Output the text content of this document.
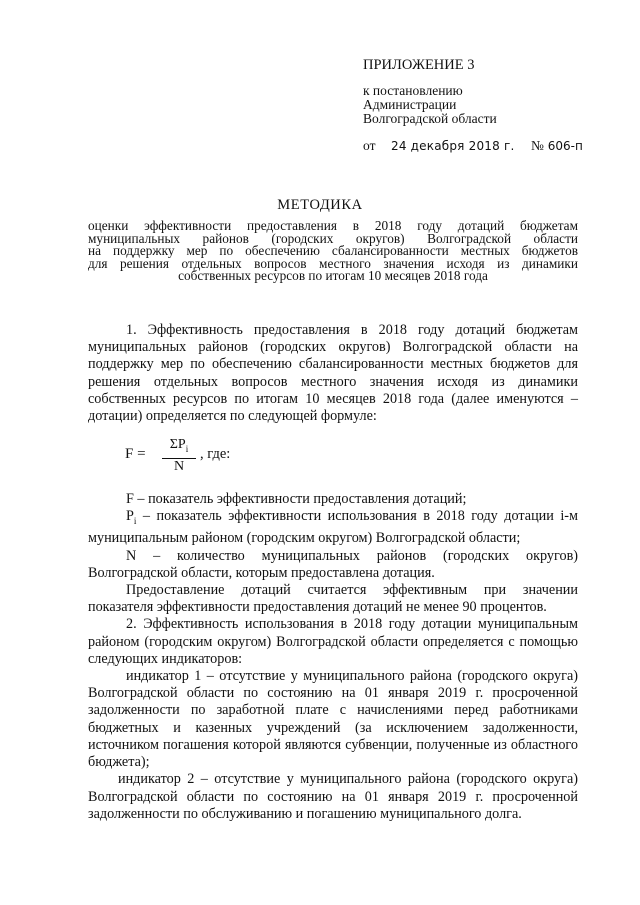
ПРИЛОЖЕНИЕ 3
к постановлению
Администрации
Волгоградской области
от 24 декабря 2018 г. № 606-п
МЕТОДИКА
оценки эффективности предоставления в 2018 году дотаций бюджетам
муниципальных районов (городских округов) Волгоградской области
на поддержку мер по обеспечению сбалансированности местных бюджетов
для решения отдельных вопросов местного значения исходя из динамики
собственных ресурсов по итогам 10 месяцев 2018 года

1. Эффективность предоставления в 2018 году дотаций бюджетам муниципальных районов (городских округов) Волгоградской области на поддержку мер по обеспечению сбалансированности местных бюджетов для решения отдельных вопросов местного значения исходя из динамики собственных ресурсов по итогам 10 месяцев 2018 года (далее именуются – дотации) определяется по следующей формуле:

F =
$\Sigma P_i$
N
, где:

F – показатель эффективности предоставления дотаций;

$P_i$ – показатель эффективности использования в 2018 году дотации i-м муниципальным районом (городским округом) Волгоградской области;

N – количество муниципальных районов (городских округов) Волгоградской области, которым предоставлена дотация.

Предоставление дотаций считается эффективным при значении показателя эффективности предоставления дотаций не менее 90 процентов.

2. Эффективность использования в 2018 году дотации муниципальным районом (городским округом) Волгоградской области определяется с помощью следующих индикаторов:

индикатор 1 – отсутствие у муниципального района (городского округа) Волгоградской области по состоянию на 01 января 2019 г. просроченной задолженности по заработной плате с начислениями перед работниками бюджетных и казенных учреждений (за исключением задолженности, источником погашения которой являются субвенции, полученные из областного бюджета);

индикатор 2 – отсутствие у муниципального района (городского округа) Волгоградской области по состоянию на 01 января 2019 г. просроченной задолженности по обслуживанию и погашению муниципального долга.
